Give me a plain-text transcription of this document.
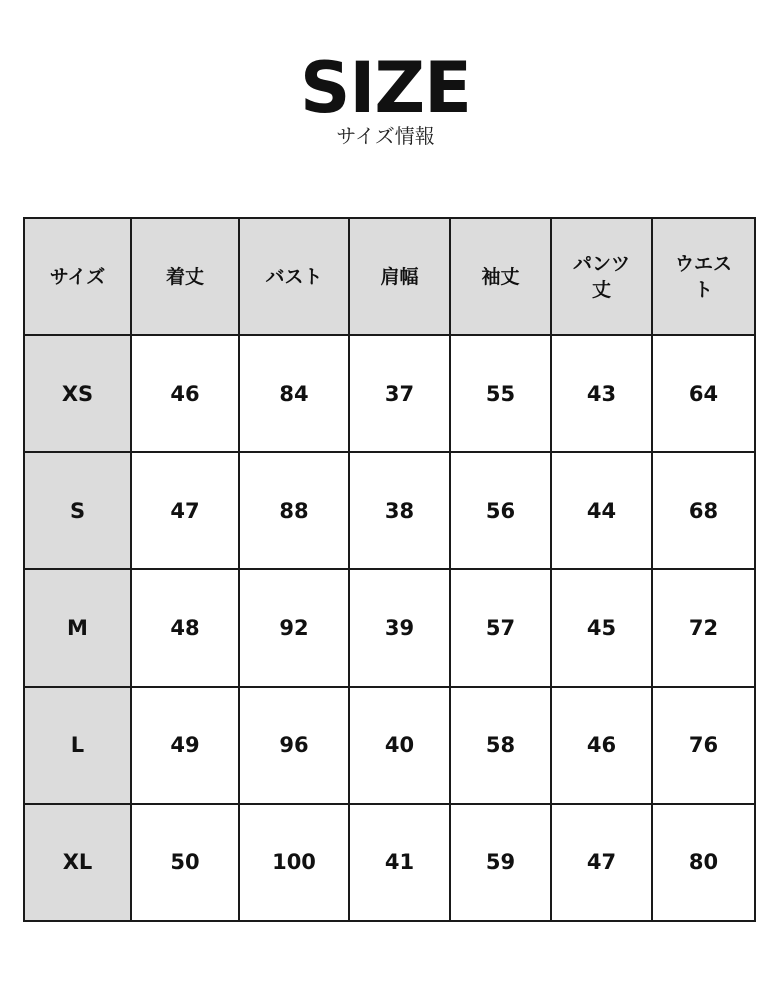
SIZE
サイズ情報
サイズ	着丈	バスト	肩幅	袖丈	パンツ丈	ウエスト
XS	46	84	37	55	43	64
S	47	88	38	56	44	68
M	48	92	39	57	45	72
L	49	96	40	58	46	76
XL	50	100	41	59	47	80
